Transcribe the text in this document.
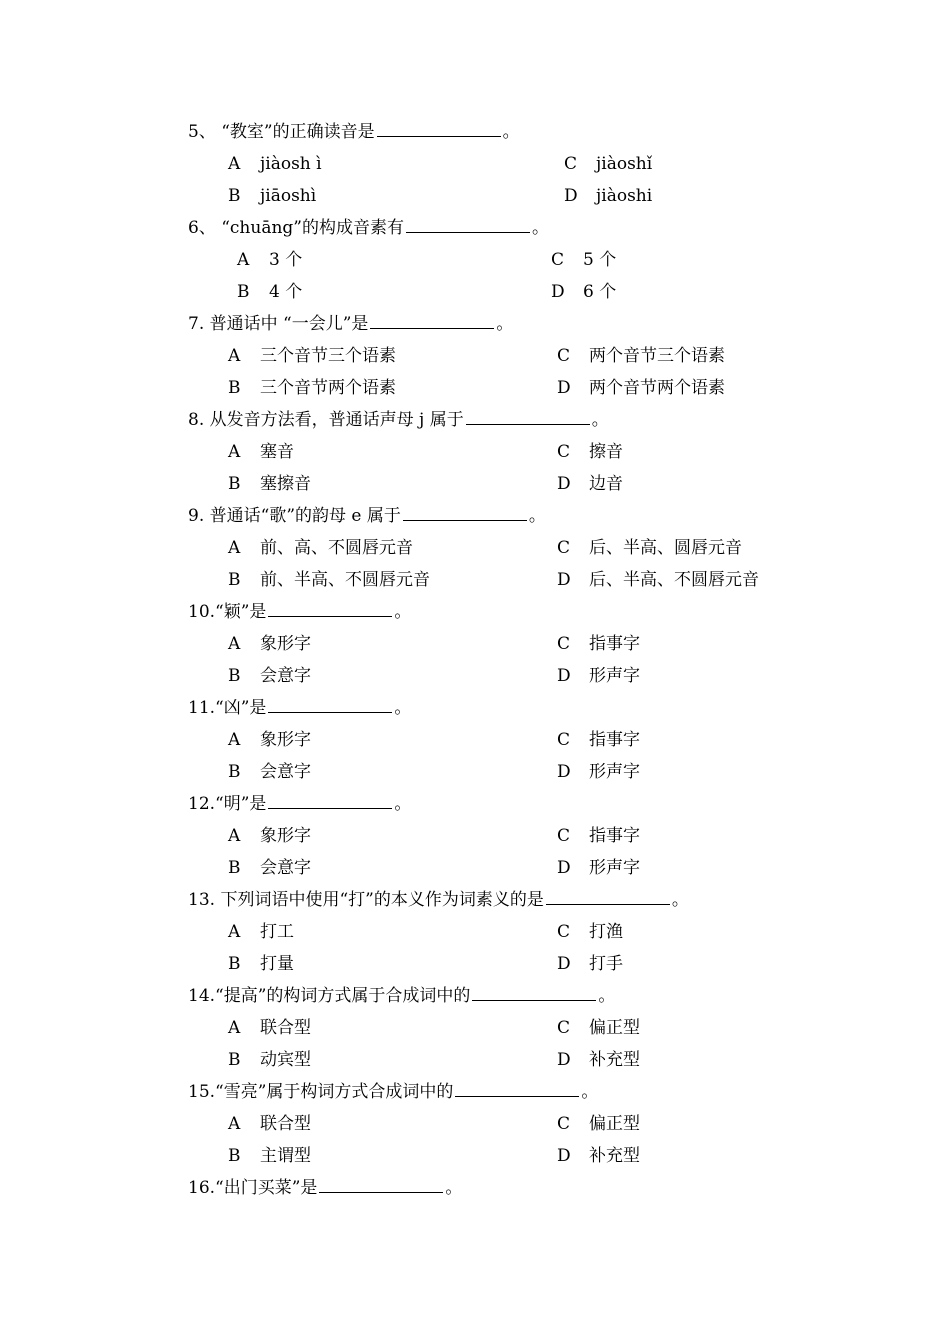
5、 “教室”的正确读音是	。
A jiàosh ì	C jiàoshǐ
B jiāoshì	D jiàoshi
6、 “chuāng”的构成音素有	。
A 3 个	C 5 个
B 4 个	D 6 个
7. 普通话中 “一会儿”是	。
A 三个音节三个语素	C 两个音节三个语素
B 三个音节两个语素	D 两个音节两个语素
8. 从发音方法看，普通话声母 j 属于	。
A 塞音	C 擦音
B 塞擦音	D 边音
9. 普通话“歌”的韵母 e 属于	。
A 前、高、不圆唇元音	C 后、半高、圆唇元音
B 前、半高、不圆唇元音	D 后、半高、不圆唇元音
10.“颖”是	。
A 象形字	C 指事字
B 会意字	D 形声字
11.“凶”是	。
A 象形字	C 指事字
B 会意字	D 形声字
12.“明”是	。
A 象形字	C 指事字
B 会意字	D 形声字
13. 下列词语中使用“打”的本义作为词素义的是	。
A 打工	C 打渔
B 打量	D 打手
14.“提高”的构词方式属于合成词中的	。
A 联合型	C 偏正型
B 动宾型	D 补充型
15.“雪亮”属于构词方式合成词中的	。
A 联合型	C 偏正型
B 主谓型	D 补充型
16.“出门买菜”是	。
